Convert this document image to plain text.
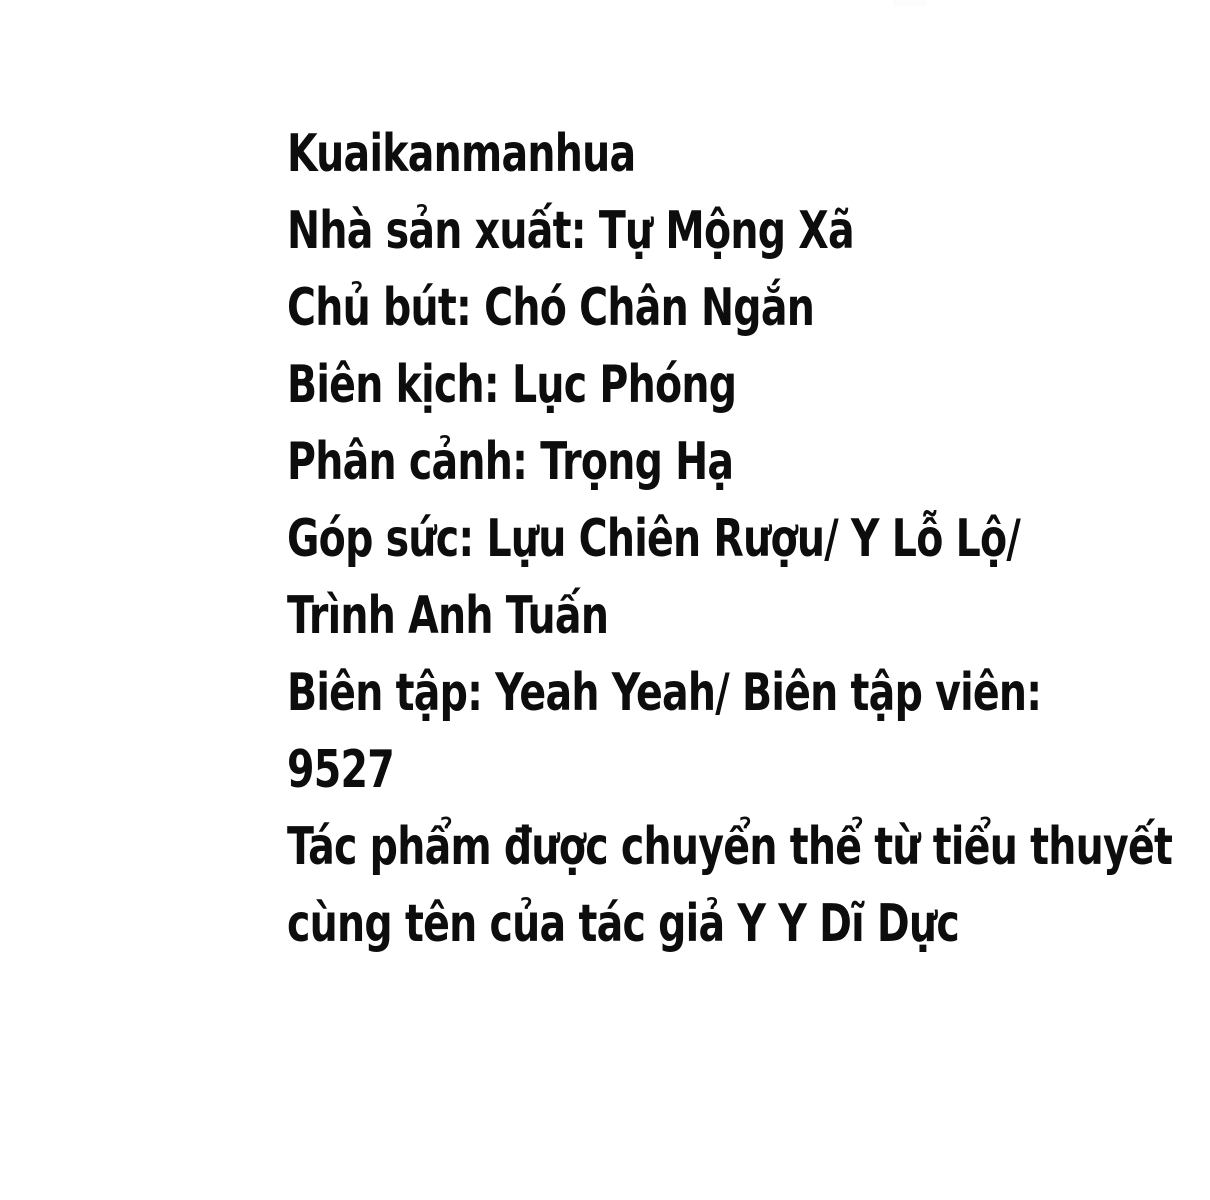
Kuaikanmanhua
Nhà sản xuất: Tự Mộng Xã
Chủ bút: Chó Chân Ngắn
Biên kịch: Lục Phóng
Phân cảnh: Trọng Hạ
Góp sức: Lựu Chiên Rượu/ Y Lỗ Lộ/
Trình Anh Tuấn
Biên tập: Yeah Yeah/ Biên tập viên:
9527
Tác phẩm được chuyển thể từ tiểu thuyết
cùng tên của tác giả Y Y Dĩ Dực
